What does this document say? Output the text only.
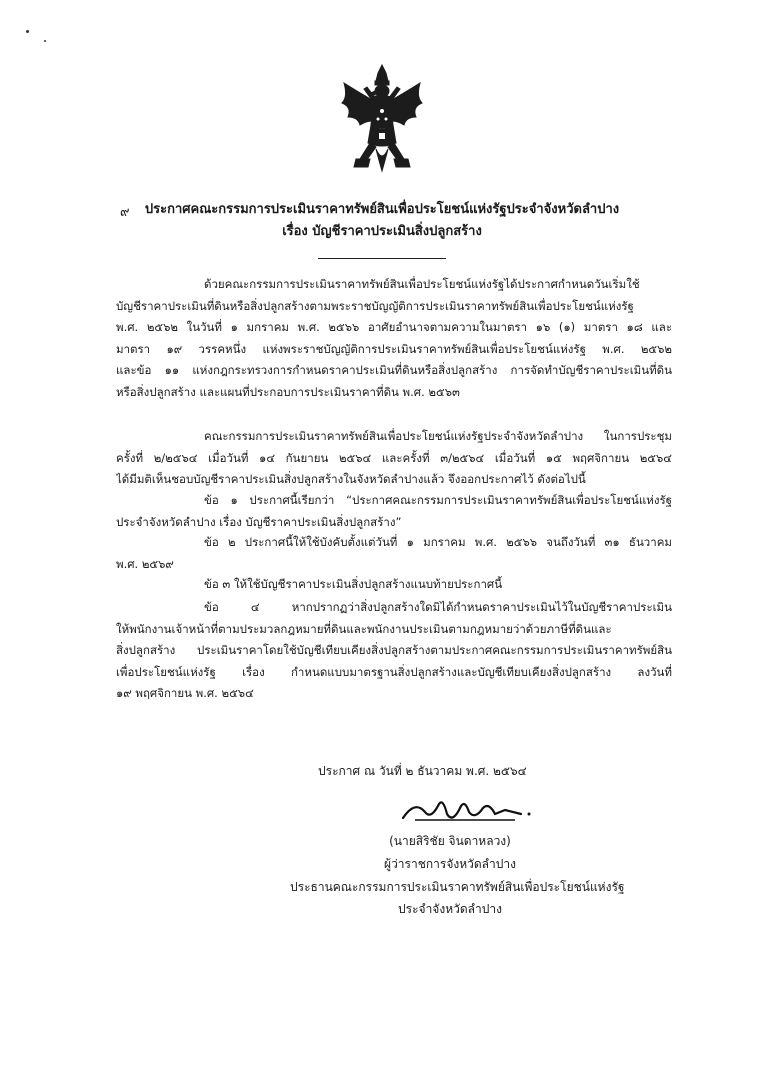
๙	ประกาศคณะกรรมการประเมินราคาทรัพย์สินเพื่อประโยชน์แห่งรัฐประจำจังหวัดลำปาง
เรื่อง บัญชีราคาประเมินสิ่งปลูกสร้าง

ด้วยคณะกรรมการประเมินราคาทรัพย์สินเพื่อประโยชน์แห่งรัฐได้ประกาศกำหนดวันเริ่มใช้

บัญชีราคาประเมินที่ดินหรือสิ่งปลูกสร้างตามพระราชบัญญัติการประเมินราคาทรัพย์สินเพื่อประโยชน์แห่งรัฐ

พ.ศ. ๒๕๖๒ ในวันที่ ๑ มกราคม พ.ศ. ๒๕๖๖ อาศัยอำนาจตามความในมาตรา ๑๖ (๑) มาตรา ๑๘ และ

มาตรา ๑๙ วรรคหนึ่ง แห่งพระราชบัญญัติการประเมินราคาทรัพย์สินเพื่อประโยชน์แห่งรัฐ พ.ศ. ๒๕๖๒

และข้อ ๑๑ แห่งกฎกระทรวงการกำหนดราคาประเมินที่ดินหรือสิ่งปลูกสร้าง การจัดทำบัญชีราคาประเมินที่ดิน

หรือสิ่งปลูกสร้าง และแผนที่ประกอบการประเมินราคาที่ดิน พ.ศ. ๒๕๖๓

คณะกรรมการประเมินราคาทรัพย์สินเพื่อประโยชน์แห่งรัฐประจำจังหวัดลำปาง ในการประชุม

ครั้งที่ ๒/๒๕๖๔ เมื่อวันที่ ๑๔ กันยายน ๒๕๖๔ และครั้งที่ ๓/๒๕๖๔ เมื่อวันที่ ๑๕ พฤศจิกายน ๒๕๖๔

ได้มีมติเห็นชอบบัญชีราคาประเมินสิ่งปลูกสร้างในจังหวัดลำปางแล้ว จึงออกประกาศไว้ ดังต่อไปนี้

ข้อ ๑ ประกาศนี้เรียกว่า “ประกาศคณะกรรมการประเมินราคาทรัพย์สินเพื่อประโยชน์แห่งรัฐ

ประจำจังหวัดลำปาง เรื่อง บัญชีราคาประเมินสิ่งปลูกสร้าง”

ข้อ ๒ ประกาศนี้ให้ใช้บังคับตั้งแต่วันที่ ๑ มกราคม พ.ศ. ๒๕๖๖ จนถึงวันที่ ๓๑ ธันวาคม

พ.ศ. ๒๕๖๙

ข้อ ๓ ให้ใช้บัญชีราคาประเมินสิ่งปลูกสร้างแนบท้ายประกาศนี้

ข้อ ๔ หากปรากฏว่าสิ่งปลูกสร้างใดมิได้กำหนดราคาประเมินไว้ในบัญชีราคาประเมิน

ให้พนักงานเจ้าหน้าที่ตามประมวลกฎหมายที่ดินและพนักงานประเมินตามกฎหมายว่าด้วยภาษีที่ดินและ

สิ่งปลูกสร้าง ประเมินราคาโดยใช้บัญชีเทียบเคียงสิ่งปลูกสร้างตามประกาศคณะกรรมการประเมินราคาทรัพย์สิน

เพื่อประโยชน์แห่งรัฐ เรื่อง กำหนดแบบมาตรฐานสิ่งปลูกสร้างและบัญชีเทียบเคียงสิ่งปลูกสร้าง ลงวันที่

๑๙ พฤศจิกายน พ.ศ. ๒๕๖๔

ประกาศ ณ วันที่ ๒ ธันวาคม พ.ศ. ๒๕๖๔
(นายสิริชัย จินดาหลวง)
ผู้ว่าราชการจังหวัดลำปาง
ประธานคณะกรรมการประเมินราคาทรัพย์สินเพื่อประโยชน์แห่งรัฐ
ประจำจังหวัดลำปาง
